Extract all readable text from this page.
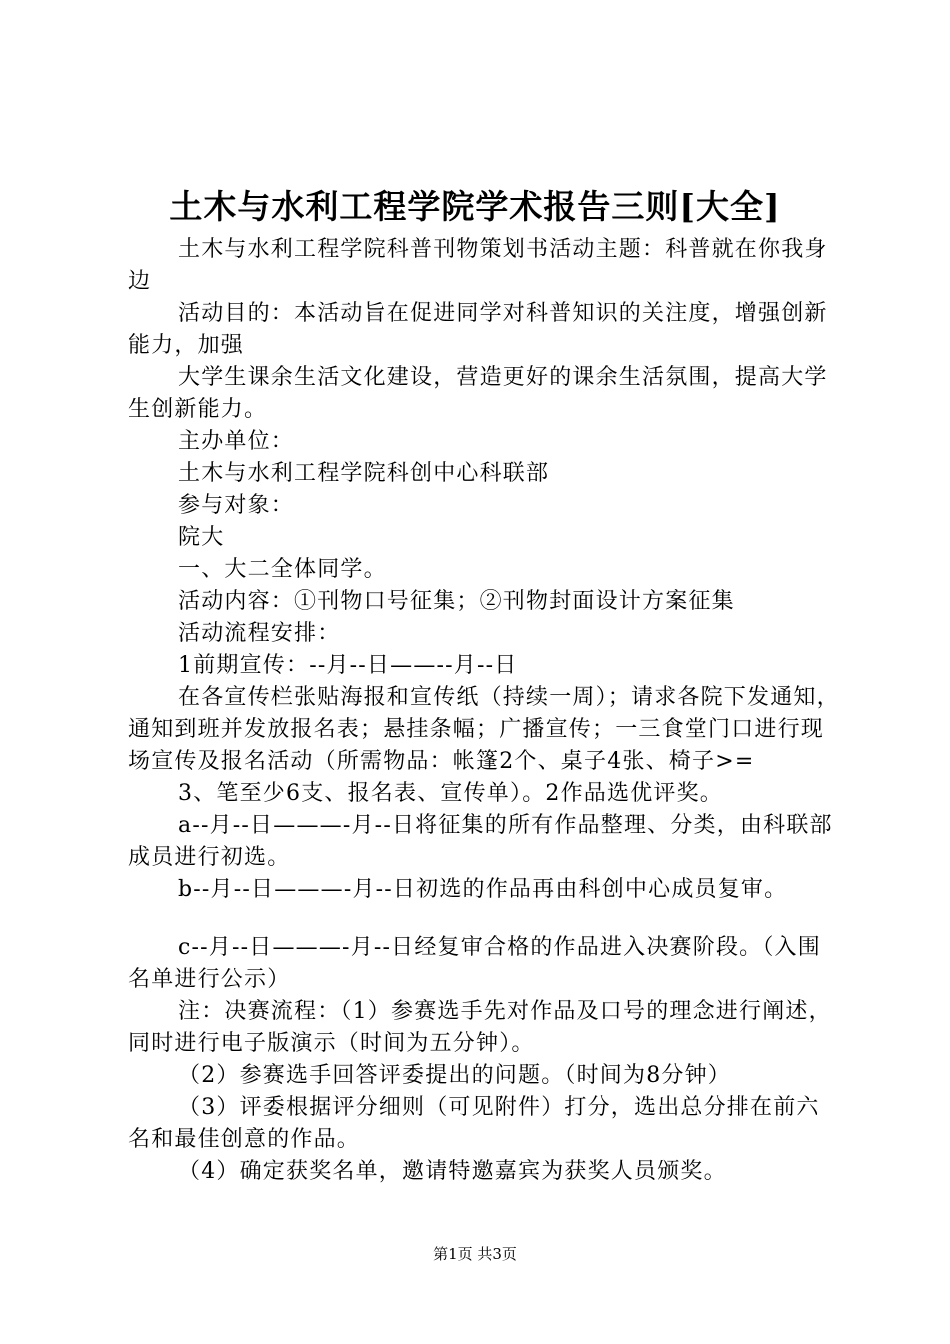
土木与水利工程学院学术报告三则[大全]

土木与水利工程学院科普刊物策划书活动主题：科普就在你我身边

活动目的：本活动旨在促进同学对科普知识的关注度，增强创新能力，加强

大学生课余生活文化建设，营造更好的课余生活氛围，提高大学生创新能力。

主办单位：

土木与水利工程学院科创中心科联部

参与对象：

院大

一、大二全体同学。

活动内容：①刊物口号征集；②刊物封面设计方案征集

活动流程安排：

1前期宣传：--月--日——--月--日

在各宣传栏张贴海报和宣传纸（持续一周）；请求各院下发通知，通知到班并发放报名表；悬挂条幅；广播宣传；一三食堂门口进行现场宣传及报名活动（所需物品：帐篷2个、桌子4张、椅子>=

3、笔至少6支、报名表、宣传单）。2作品选优评奖。

a--月--日———-月--日将征集的所有作品整理、分类，由科联部成员进行初选。

b--月--日———-月--日初选的作品再由科创中心成员复审。

c--月--日———-月--日经复审合格的作品进入决赛阶段。（入围名单进行公示）

注：决赛流程：（1）参赛选手先对作品及口号的理念进行阐述，同时进行电子版演示（时间为五分钟）。

（2）参赛选手回答评委提出的问题。（时间为8分钟）

（3）评委根据评分细则（可见附件）打分，选出总分排在前六名和最佳创意的作品。

（4）确定获奖名单，邀请特邀嘉宾为获奖人员颁奖。

第1页 共3页
